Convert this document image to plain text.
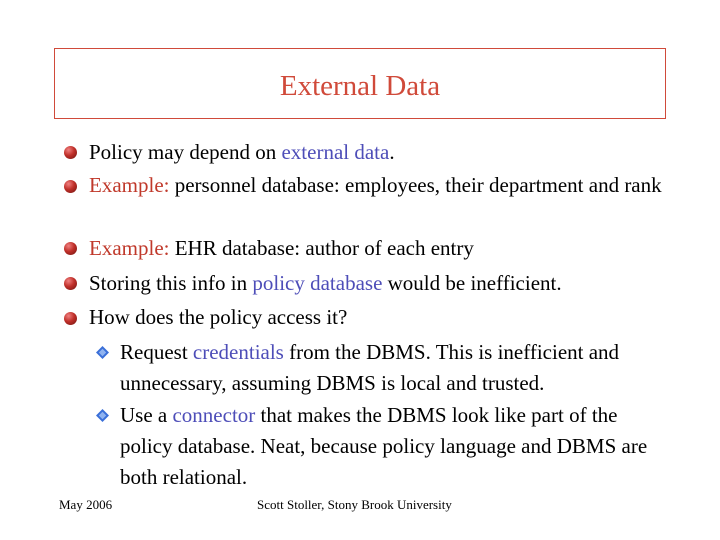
External Data
Policy may depend on external data.
Example: personnel database: employees, their department and rank
Example: EHR database: author of each entry
Storing this info in policy database would be inefficient.
How does the policy access it?
Request credentials from the DBMS. This is inefficient and unnecessary, assuming DBMS is local and trusted.
Use a connector that makes the DBMS look like part of the policy database. Neat, because policy language and DBMS are both relational.
May 2006	Scott Stoller, Stony Brook University
